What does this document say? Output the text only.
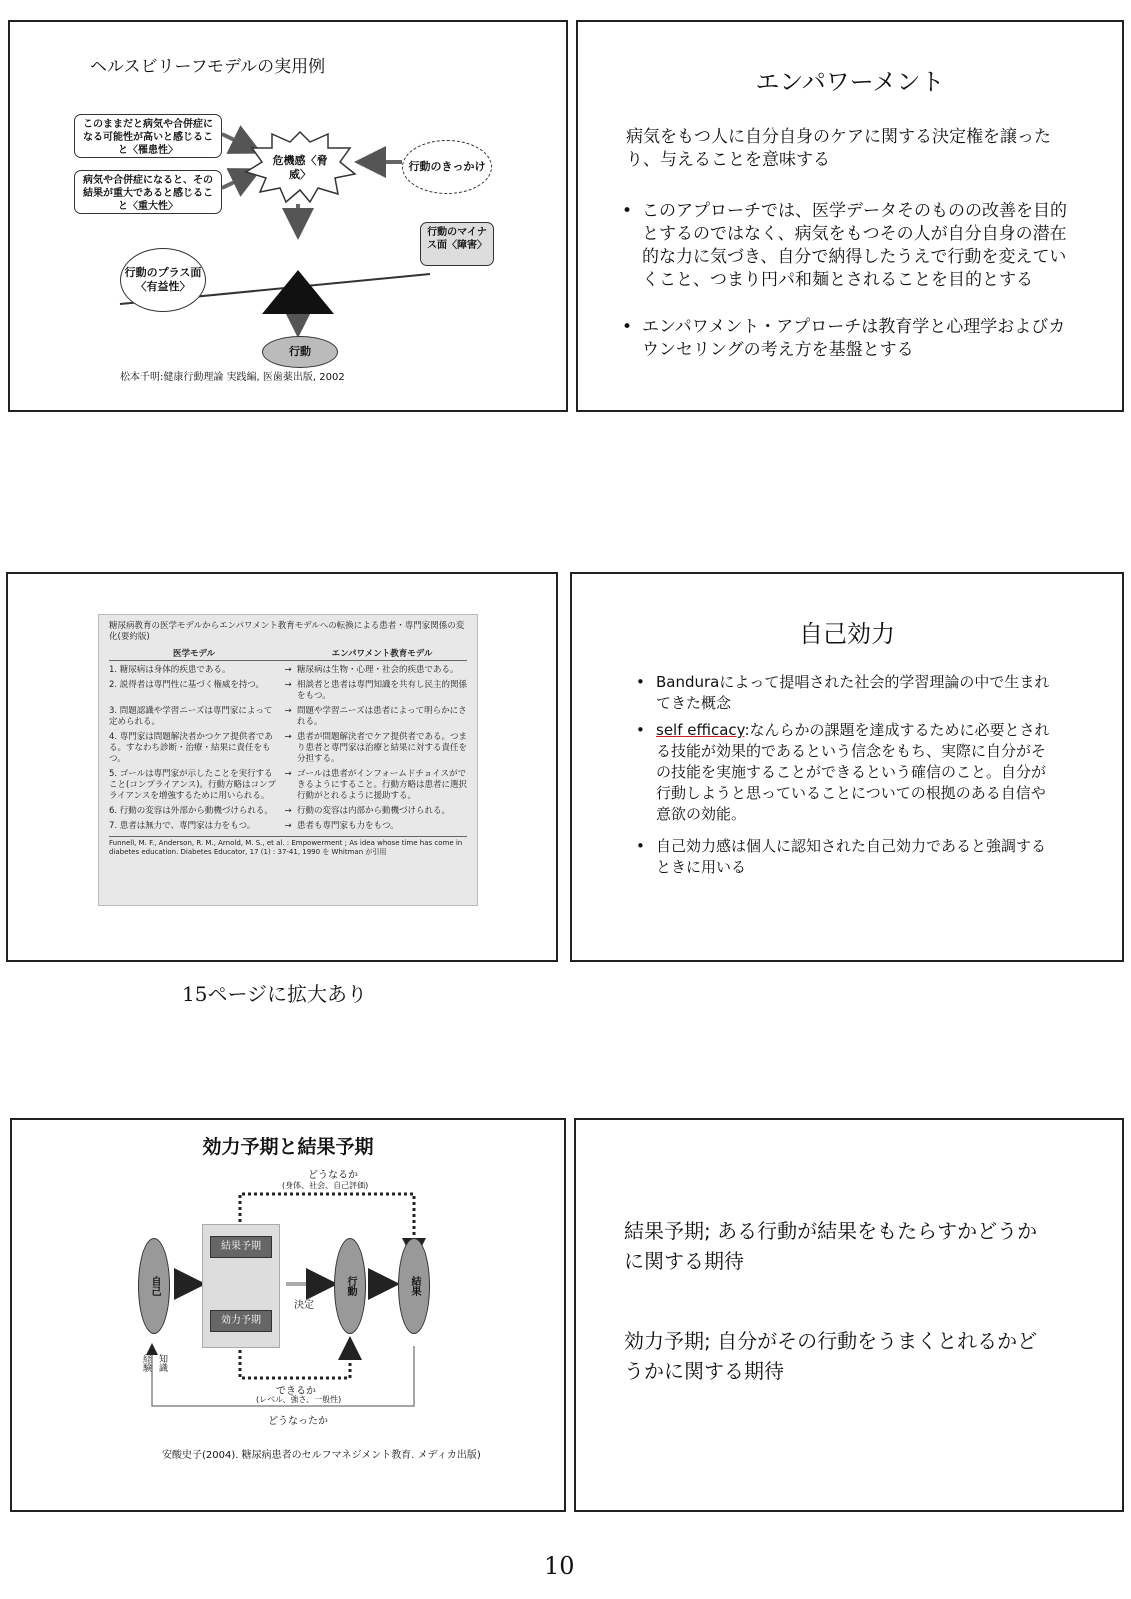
ヘルスビリーフモデルの実用例
このままだと病気や合併症になる可能性が高いと感じること〈罹患性〉
病気や合併症になると、その結果が重大であると感じること〈重大性〉
危機感〈脅威〉
行動のきっかけ
行動のマイナス面〈障害〉
行動のプラス面〈有益性〉
行動
松本千明:健康行動理論 実践編, 医歯薬出版, 2002
エンパワーメント
病気をもつ人に自分自身のケアに関する決定権を譲ったり、与えることを意味する
• このアプローチでは、医学データそのものの改善を目的とするのではなく、病気をもつその人が自分自身の潜在的な力に気づき、自分で納得したうえで行動を変えていくこと、つまり円パ和麺とされることを目的とする
• エンパワメント・アプローチは教育学と心理学およびカウンセリングの考え方を基盤とする
糖尿病教育の医学モデルからエンパワメント教育モデルへの転換による患者・専門家関係の変化(要約版)
医学モデル	エンパワメント教育モデル
1. 糖尿病は身体的疾患である。	→ 糖尿病は生物・心理・社会的疾患である。
2. 説得者は専門性に基づく権威を持つ。	→ 相談者と患者は専門知識を共有し民主的関係をもつ。
3. 問題認識や学習ニーズは専門家によって定められる。
→ 問題や学習ニーズは患者によって明らかにされる。
4. 専門家は問題解決者かつケア提供者である。すなわち診断・治療・結果に責任をもつ。
→ 患者が問題解決者でケア提供者である。つまり患者と専門家は治療と結果に対する責任を分担する。
5. ゴールは専門家が示したことを実行すること(コンプライアンス)。行動方略はコンプライアンスを増強するために用いられる。
→ ゴールは患者がインフォームドチョイスができるようにすること。行動方略は患者に選択行動がとれるように援助する。
6. 行動の変容は外部から動機づけられる。	→ 行動の変容は内部から動機づけられる。
7. 患者は無力で、専門家は力をもつ。	→ 患者も専門家も力をもつ。
Funnell, M. F., Anderson, R. M., Arnold, M. S., et al. : Empowerment ; As idea whose time has come in diabetes education. Diabetes Educator, 17 (1) : 37-41, 1990 を Whitman が引用
15ページに拡大あり
自己効力
• Banduraによって提唱された社会的学習理論の中で生まれてきた概念
• self efficacy:なんらかの課題を達成するために必要とされる技能が効果的であるという信念をもち、実際に自分がその技能を実施することができるという確信のこと。自分が行動しようと思っていることについての根拠のある自信や意欲の効能。
• 自己効力感は個人に認知された自己効力であると強調するときに用いる
効力予期と結果予期
どうなるか
(身体、社会、自己評価)
結果予期
効力予期
決定
自己	行動	結果
経験 知識
できるか
(レベル、強さ、一般性)
どうなったか
安酸史子(2004). 糖尿病患者のセルフマネジメント教育. メディカ出版)
結果予期; ある行動が結果をもたらすかどうかに関する期待
効力予期; 自分がその行動をうまくとれるかどうかに関する期待
10
